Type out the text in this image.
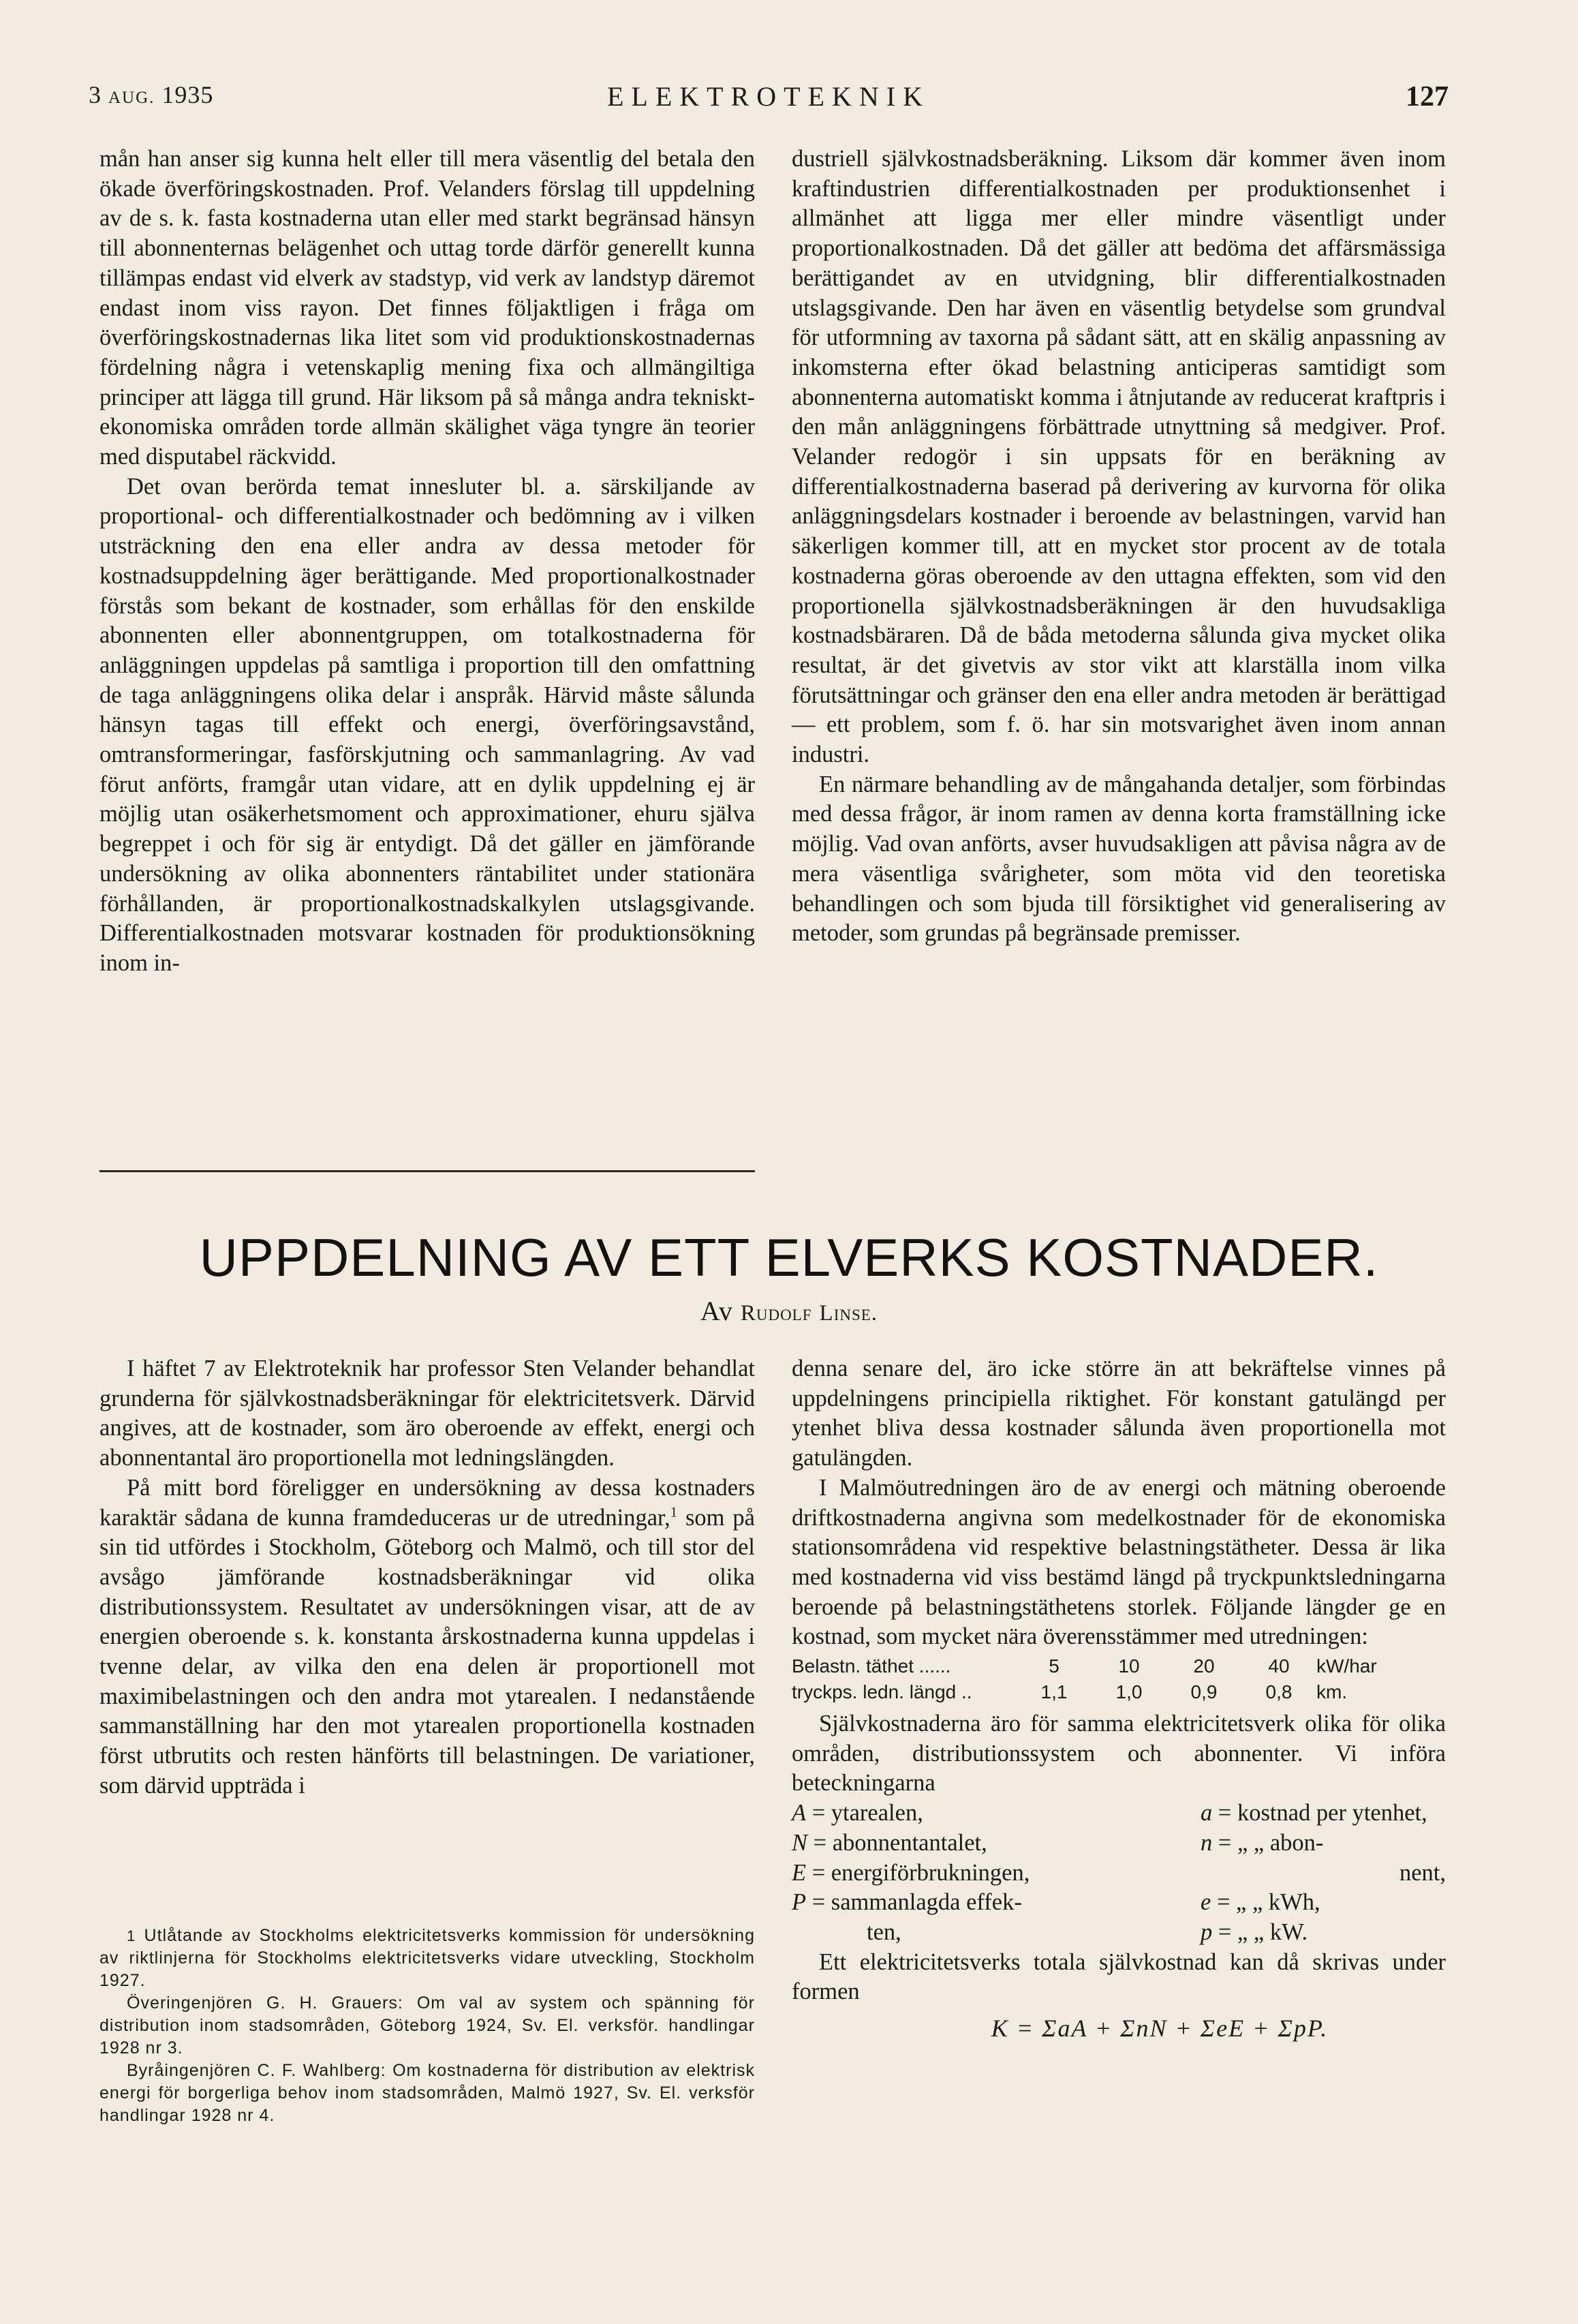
3 AUG. 1935	ELEKTROTEKNIK	127

mån han anser sig kunna helt eller till mera väsentlig del betala den ökade överföringskostnaden. Prof. Velanders förslag till uppdelning av de s. k. fasta kostnaderna utan eller med starkt begränsad hänsyn till abonnenternas belägenhet och uttag torde därför generellt kunna tillämpas endast vid elverk av stadstyp, vid verk av landstyp däremot endast inom viss rayon. Det finnes följaktligen i fråga om överföringskostnadernas lika litet som vid produktionskostnadernas fördelning några i vetenskaplig mening fixa och allmängiltiga principer att lägga till grund. Här liksom på så många andra tekniskt-ekonomiska områden torde allmän skälighet väga tyngre än teorier med disputabel räckvidd.

Det ovan berörda temat innesluter bl. a. särskiljande av proportional- och differentialkostnader och bedömning av i vilken utsträckning den ena eller andra av dessa metoder för kostnadsuppdelning äger berättigande. Med proportionalkostnader förstås som bekant de kostnader, som erhållas för den enskilde abonnenten eller abonnentgruppen, om totalkostnaderna för anläggningen uppdelas på samtliga i proportion till den omfattning de taga anläggningens olika delar i anspråk. Härvid måste sålunda hänsyn tagas till effekt och energi, överföringsavstånd, omtransformeringar, fasförskjutning och sammanlagring. Av vad förut anförts, framgår utan vidare, att en dylik uppdelning ej är möjlig utan osäkerhetsmoment och approximationer, ehuru själva begreppet i och för sig är entydigt. Då det gäller en jämförande undersökning av olika abonnenters räntabilitet under stationära förhållanden, är proportionalkostnadskalkylen utslagsgivande. Differentialkostnaden motsvarar kostnaden för produktionsökning inom in-

dustriell självkostnadsberäkning. Liksom där kommer även inom kraftindustrien differentialkostnaden per produktionsenhet i allmänhet att ligga mer eller mindre väsentligt under proportionalkostnaden. Då det gäller att bedöma det affärsmässiga berättigandet av en utvidgning, blir differentialkostnaden utslagsgivande. Den har även en väsentlig betydelse som grundval för utformning av taxorna på sådant sätt, att en skälig anpassning av inkomsterna efter ökad belastning anticiperas samtidigt som abonnenterna automatiskt komma i åtnjutande av reducerat kraftpris i den mån anläggningens förbättrade utnyttning så medgiver. Prof. Velander redogör i sin uppsats för en beräkning av differentialkostnaderna baserad på derivering av kurvorna för olika anläggningsdelars kostnader i beroende av belastningen, varvid han säkerligen kommer till, att en mycket stor procent av de totala kostnaderna göras oberoende av den uttagna effekten, som vid den proportionella självkostnadsberäkningen är den huvudsakliga kostnadsbäraren. Då de båda metoderna sålunda giva mycket olika resultat, är det givetvis av stor vikt att klarställa inom vilka förutsättningar och gränser den ena eller andra metoden är berättigad — ett problem, som f. ö. har sin motsvarighet även inom annan industri.

En närmare behandling av de mångahanda detaljer, som förbindas med dessa frågor, är inom ramen av denna korta framställning icke möjlig. Vad ovan anförts, avser huvudsakligen att påvisa några av de mera väsentliga svårigheter, som möta vid den teoretiska behandlingen och som bjuda till försiktighet vid generalisering av metoder, som grundas på begränsade premisser.

UPPDELNING AV ETT ELVERKS KOSTNADER.
Av Rudolf Linse.

I häftet 7 av Elektroteknik har professor Sten Velander behandlat grunderna för självkostnadsberäkningar för elektricitetsverk. Därvid angives, att de kostnader, som äro oberoende av effekt, energi och abonnentantal äro proportionella mot ledningslängden.

På mitt bord föreligger en undersökning av dessa kostnaders karaktär sådana de kunna framdeduceras ur de utredningar,$^1$ som på sin tid utfördes i Stockholm, Göteborg och Malmö, och till stor del avsågo jämförande kostnadsberäkningar vid olika distributionssystem. Resultatet av undersökningen visar, att de av energien oberoende s. k. konstanta årskostnaderna kunna uppdelas i tvenne delar, av vilka den ena delen är proportionell mot maximibelastningen och den andra mot ytarealen. I nedanstående sammanställning har den mot ytarealen proportionella kostnaden först utbrutits och resten hänförts till belastningen. De variationer, som därvid uppträda i

1 Utlåtande av Stockholms elektricitetsverks kommission för undersökning av riktlinjerna för Stockholms elektricitetsverks vidare utveckling, Stockholm 1927.

Överingenjören G. H. Grauers: Om val av system och spänning för distribution inom stadsområden, Göteborg 1924, Sv. El. verksför. handlingar 1928 nr 3.

Byråingenjören C. F. Wahlberg: Om kostnaderna för distribution av elektrisk energi för borgerliga behov inom stadsområden, Malmö 1927, Sv. El. verksför handlingar 1928 nr 4.

denna senare del, äro icke större än att bekräftelse vinnes på uppdelningens principiella riktighet. För konstant gatulängd per ytenhet bliva dessa kostnader sålunda även proportionella mot gatulängden.

I Malmöutredningen äro de av energi och mätning oberoende driftkostnaderna angivna som medelkostnader för de ekonomiska stationsområdena vid respektive belastningstätheter. Dessa är lika med kostnaderna vid viss bestämd längd på tryckpunktsledningarna beroende på belastningstäthetens storlek. Följande längder ge en kostnad, som mycket nära överensstämmer med utredningen:

Belastn. täthet ......	5	10	20	40	kW/har
tryckps. ledn. längd ..	1,1	1,0	0,9	0,8	km.

Självkostnaderna äro för samma elektricitetsverk olika för olika områden, distributionssystem och abonnenter. Vi införa beteckningarna

A = ytarealen,	a = kostnad per ytenhet,
N = abonnentantalet,	n = „ „ abon-
E = energiförbrukningen,	nent,
P = sammanlagda effek-	e = „ „ kWh,
ten,	p = „ „ kW.

Ett elektricitetsverks totala självkostnad kan då skrivas under formen

K = ΣaA + ΣnN + ΣeE + ΣpP.
